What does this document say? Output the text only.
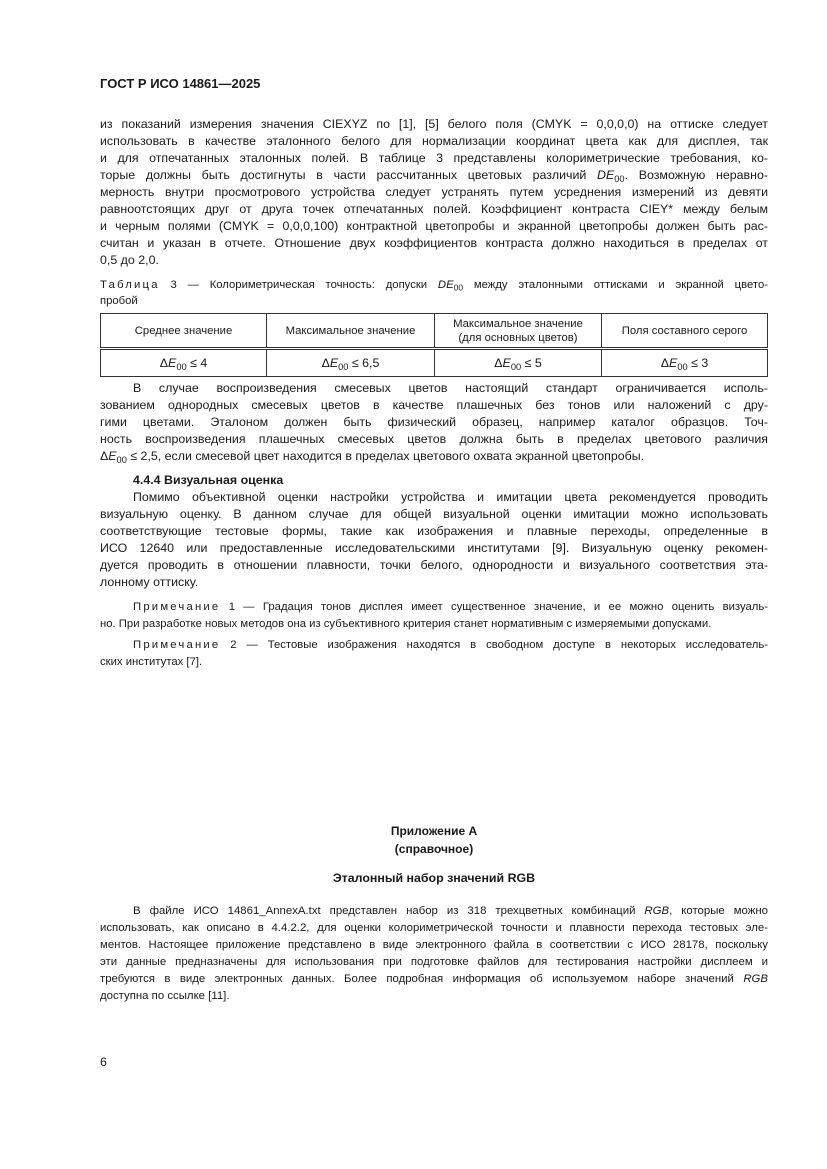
ГОСТ Р ИСО 14861—2025
из показаний измерения значения CIEXYZ по [1], [5] белого поля (CMYK = 0,0,0,0) на оттиске следует
использовать в качестве эталонного белого для нормализации координат цвета как для дисплея, так
и для отпечатанных эталонных полей. В таблице 3 представлены колориметрические требования, ко-
торые должны быть достигнуты в части рассчитанных цветовых различий $DE_{00}$. Возможную неравно-
мерность внутри просмотрового устройства следует устранять путем усреднения измерений из девяти
равноотстоящих друг от друга точек отпечатанных полей. Коэффициент контраста CIEY* между белым
и черным полями (CMYK = 0,0,0,100) контрактной цветопробы и экранной цветопробы должен быть рас-
считан и указан в отчете. Отношение двух коэффициентов контраста должно находиться в пределах от
0,5 до 2,0.
Таблица 3 — Колориметрическая точность: допуски $DE_{00}$ между эталонными оттисками и экранной цвето-
пробой
Среднее значение	Максимальное значение	Максимальное значение (для основных цветов)	Поля составного серого
$\Delta E_{00} \le 4$	$\Delta E_{00} \le 6,5$	$\Delta E_{00} \le 5$	$\Delta E_{00} \le 3$
В случае воспроизведения смесевых цветов настоящий стандарт ограничивается исполь-
зованием однородных смесевых цветов в качестве плашечных без тонов или наложений с дру-
гими цветами. Эталоном должен быть физический образец, например каталог образцов. Точ-
ность воспроизведения плашечных смесевых цветов должна быть в пределах цветового различия
$\Delta E_{00} \le 2,5$, если смесевой цвет находится в пределах цветового охвата экранной цветопробы.
4.4.4 Визуальная оценка
Помимо объективной оценки настройки устройства и имитации цвета рекомендуется проводить
визуальную оценку. В данном случае для общей визуальной оценки имитации можно использовать
соответствующие тестовые формы, такие как изображения и плавные переходы, определенные в
ИСО 12640 или предоставленные исследовательскими институтами [9]. Визуальную оценку рекомен-
дуется проводить в отношении плавности, точки белого, однородности и визуального соответствия эта-
лонному оттиску.
Примечание 1 — Градация тонов дисплея имеет существенное значение, и ее можно оценить визуаль-
но. При разработке новых методов она из субъективного критерия станет нормативным с измеряемыми допусками.
Примечание 2 — Тестовые изображения находятся в свободном доступе в некоторых исследователь-
ских институтах [7].
Приложение А
(справочное)
Эталонный набор значений RGB
В файле ИСО 14861_AnnexA.txt представлен набор из 318 трехцветных комбинаций RGB, которые можно
использовать, как описано в 4.4.2.2, для оценки колориметрической точности и плавности перехода тестовых эле-
ментов. Настоящее приложение представлено в виде электронного файла в соответствии с ИСО 28178, поскольку
эти данные предназначены для использования при подготовке файлов для тестирования настройки дисплеем и
требуются в виде электронных данных. Более подробная информация об используемом наборе значений RGB
доступна по ссылке [11].
6
